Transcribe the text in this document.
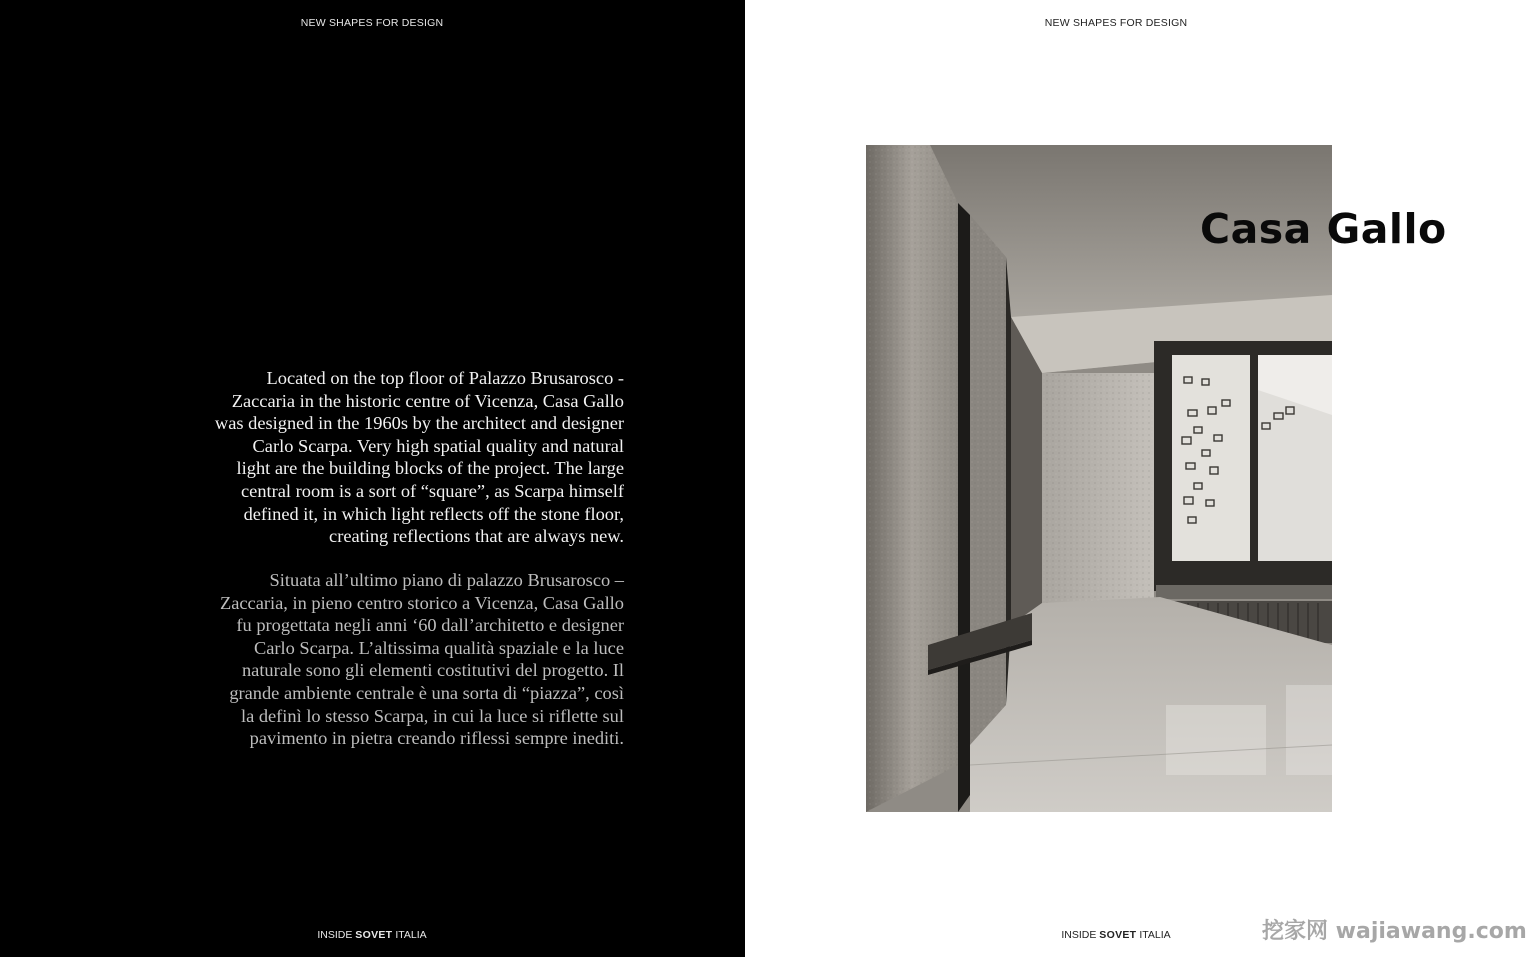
NEW SHAPES FOR DESIGN

Located on the top floor of Palazzo Brusarosco -
Zaccaria in the historic centre of Vicenza, Casa Gallo
was designed in the 1960s by the architect and designer
Carlo Scarpa. Very high spatial quality and natural
light are the building blocks of the project. The large
central room is a sort of “square”, as Scarpa himself
defined it, in which light reflects off the stone floor,
creating reflections that are always new.

Situata all’ultimo piano di palazzo Brusarosco –
Zaccaria, in pieno centro storico a Vicenza, Casa Gallo
fu progettata negli anni ‘60 dall’architetto e designer
Carlo Scarpa. L’altissima qualità spaziale e la luce
naturale sono gli elementi costitutivi del progetto. Il
grande ambiente centrale è una sorta di “piazza”, così
la definì lo stesso Scarpa, in cui la luce si riflette sul
pavimento in pietra creando riflessi sempre inediti.

INSIDE SOVET ITALIA
NEW SHAPES FOR DESIGN
Casa Gallo
INSIDE SOVET ITALIA	挖家网 wajiawang.com
